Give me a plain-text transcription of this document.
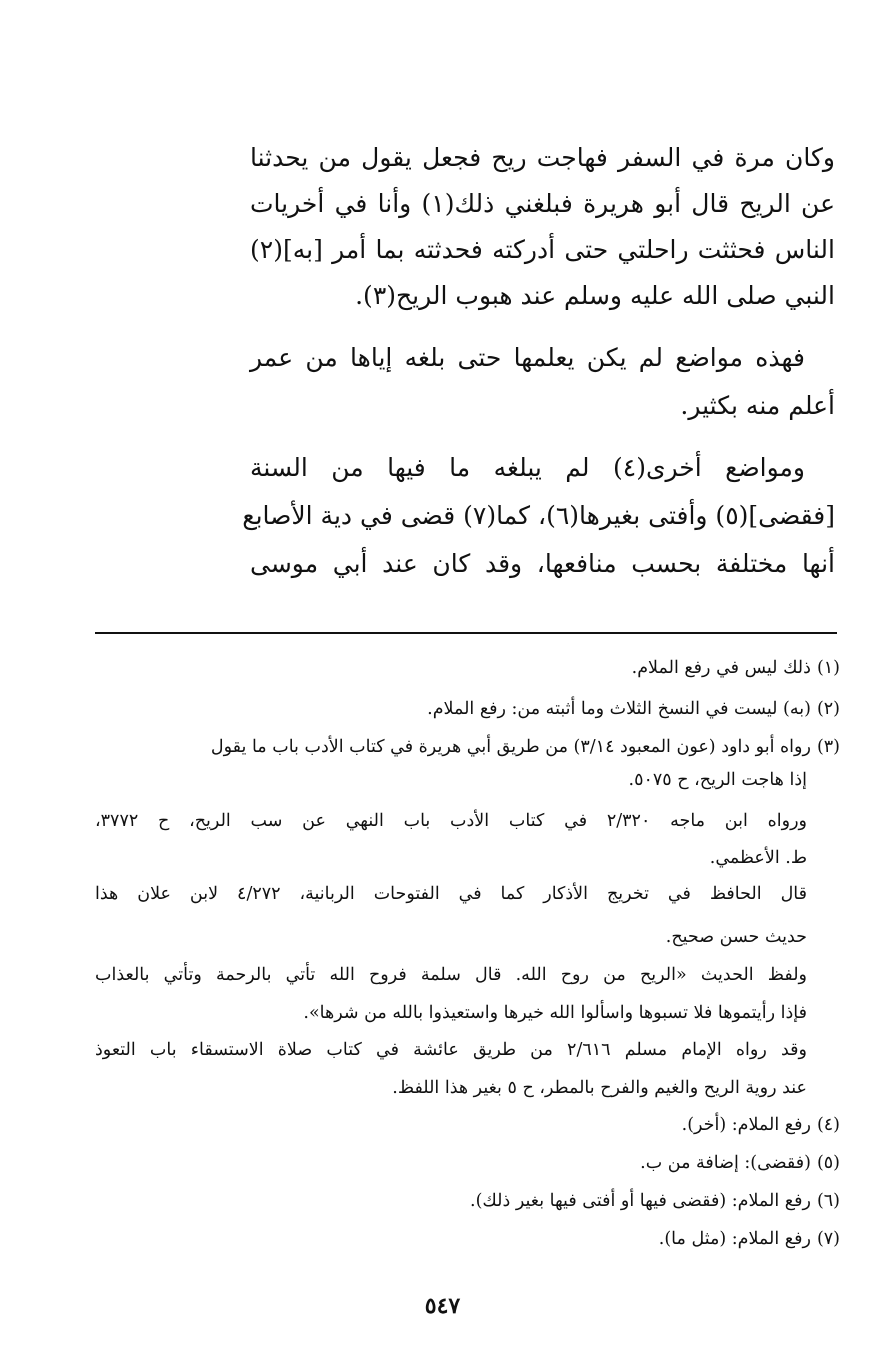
وكان مرة في السفر فهاجت ريح فجعل يقول من يحدثنا
عن الريح قال أبو هريرة فبلغني ذلك(١) وأنا في أخريات
الناس فحثثت راحلتي حتى أدركته فحدثته بما أمر [به](٢)
النبي صلى الله عليه وسلم عند هبوب الريح(٣).
فهذه مواضع لم يكن يعلمها حتى بلغه إياها من عمر
أعلم منه بكثير.
ومواضع أخرى(٤) لم يبلغه ما فيها من السنة
[فقضى](٥) وأفتى بغيرها(٦)، كما(٧) قضى في دية الأصابع
أنها مختلفة بحسب منافعها، وقد كان عند أبي موسى
(١)ذلك ليس في رفع الملام.
(٢)(به) ليست في النسخ الثلاث وما أثبته من: رفع الملام.
(٣)رواه أبو داود (عون المعبود ٣/١٤) من طريق أبي هريرة في كتاب الأدب باب ما يقول
إذا هاجت الريح، ح ٥٠٧٥.
ورواه ابن ماجه ٢/٣٢٠ في كتاب الأدب باب النهي عن سب الريح، ح ٣٧٧٢،
ط. الأعظمي.
قال الحافظ في تخريج الأذكار كما في الفتوحات الربانية، ٤/٢٧٢ لابن علان هذا
حديث حسن صحيح.
ولفظ الحديث «الريح من روح الله. قال سلمة فروح الله تأتي بالرحمة وتأتي بالعذاب
فإذا رأيتموها فلا تسبوها واسألوا الله خيرها واستعيذوا بالله من شرها».
وقد رواه الإمام مسلم ٢/٦١٦ من طريق عائشة في كتاب صلاة الاستسقاء باب التعوذ
عند روية الريح والغيم والفرح بالمطر، ح ٥ بغير هذا اللفظ.
(٤)رفع الملام: (أخر).
(٥)(فقضى): إضافة من ب.
(٦)رفع الملام: (فقضى فيها أو أفتى فيها بغير ذلك).
(٧)رفع الملام: (مثل ما).
٥٤٧
